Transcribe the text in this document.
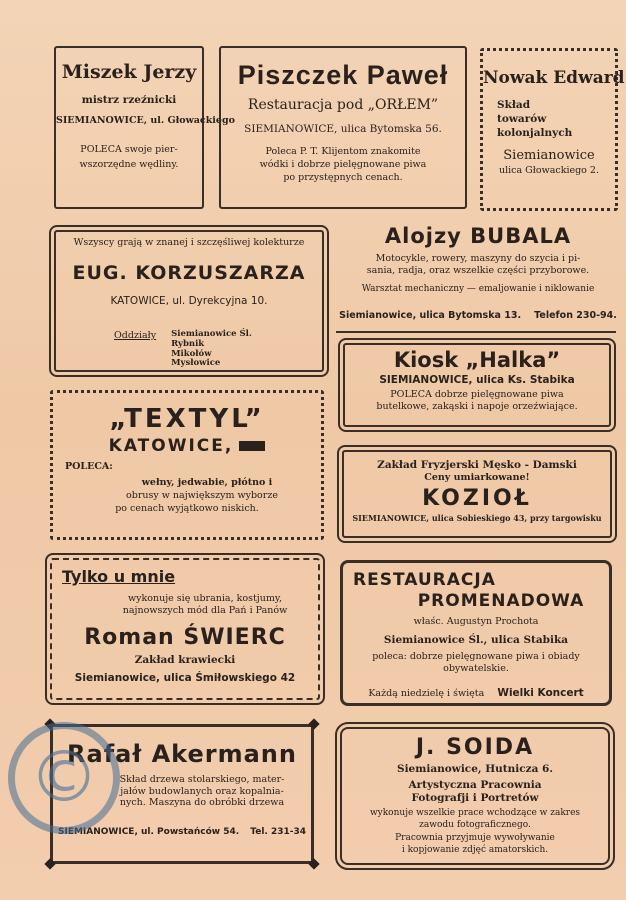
Miszek Jerzy
mistrz rzeźnicki
SIEMIANOWICE, ul. Głowackiego
POLECA swoje pier-
wszorzędne wędliny.
Piszczek Paweł
Restauracja pod „ORŁEM”
SIEMIANOWICE, ulica Bytomska 56.
Poleca P. T. Klijentom znakomite
wódki i dobrze pielęgnowane piwa
po przystępnych cenach.
Nowak Edward
Skład
towarów
kolonjalnych
Siemianowice
ulica Głowackiego 2.
Wszyscy grają w znanej i szczęśliwej kolekturze
EUG. KORZUSZARZA
KATOWICE, ul. Dyrekcyjna 10.
Oddziały Siemianowice Śl.
Rybnik
Mikołów
Mysłowice
Alojzy BUBALA
Motocykle, rowery, maszyny do szycia i pi-
sania, radja, oraz wszelkie części przyborowe.
Warsztat mechaniczny — emaljowanie i niklowanie
Siemianowice, ulica Bytomska 13. Telefon 230-94.
Kiosk „Halka”
SIEMIANOWICE, ulica Ks. Stabika
POLECA dobrze pielęgnowane piwa
butelkowe, zakąski i napoje orzeźwiające.
„TEXTYL”
KATOWICE,
POLECA:
wełny, jedwabie, płótno i
obrusy w największym wyborze
po cenach wyjątkowo niskich.
Zakład Fryzjerski Męsko - Damski
Ceny umiarkowane!
KOZIOŁ
SIEMIANOWICE, ulica Sobieskiego 43, przy targowisku
Tylko u mnie
wykonuje się ubrania, kostjumy,
najnowszych mód dla Pań i Panów
Roman ŚWIERC
Zakład krawiecki
Siemianowice, ulica Śmiłowskiego 42
RESTAURACJA
PROMENADOWA
właśc. Augustyn Prochota
Siemianowice Śl., ulica Stabika
poleca: dobrze pielęgnowane piwa i obiady
obywatelskie.
Każdą niedzielę i święta Wielki Koncert
Rafał Akermann
Skład drzewa stolarskiego, mater-
jałów budowlanych oraz kopalnia-
nych. Maszyna do obróbki drzewa
SIEMIANOWICE, ul. Powstańców 54. Tel. 231-34
J. SOIDA
Siemianowice, Hutnicza 6.
Artystyczna Pracownia
Fotografji i Portretów
wykonuje wszelkie prace wchodzące w zakres
zawodu fotograficznego.
Pracownia przyjmuje wywoływanie
i kopjowanie zdjęć amatorskich.
©
